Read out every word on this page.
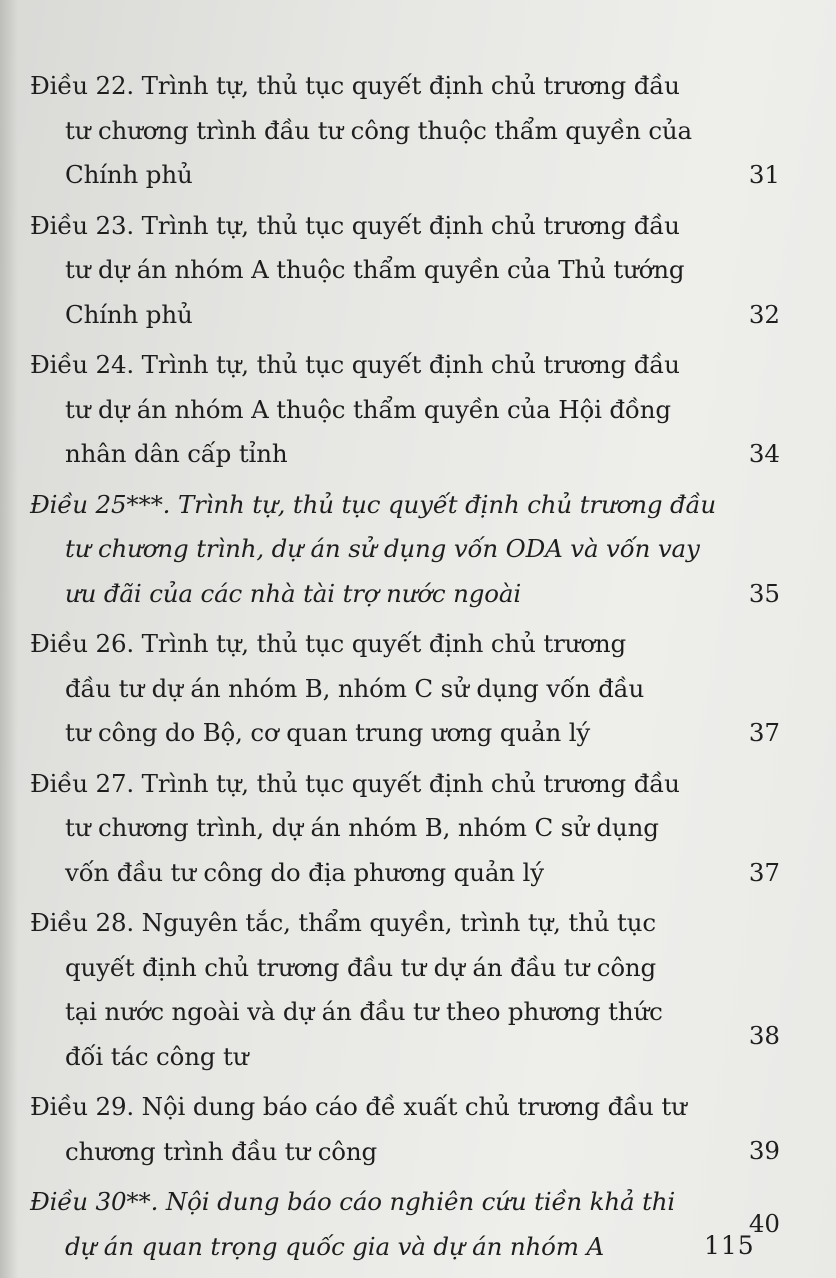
Điều 22. Trình tự, thủ tục quyết định chủ trương đầu
tư chương trình đầu tư công thuộc thẩm quyền của
Chính phủ	31
Điều 23. Trình tự, thủ tục quyết định chủ trương đầu
tư dự án nhóm A thuộc thẩm quyền của Thủ tướng
Chính phủ	32
Điều 24. Trình tự, thủ tục quyết định chủ trương đầu
tư dự án nhóm A thuộc thẩm quyền của Hội đồng
nhân dân cấp tỉnh	34
Điều 25***. Trình tự, thủ tục quyết định chủ trương đầu
tư chương trình, dự án sử dụng vốn ODA và vốn vay
ưu đãi của các nhà tài trợ nước ngoài	35
Điều 26. Trình tự, thủ tục quyết định chủ trương
đầu tư dự án nhóm B, nhóm C sử dụng vốn đầu
tư công do Bộ, cơ quan trung ương quản lý	37
Điều 27. Trình tự, thủ tục quyết định chủ trương đầu
tư chương trình, dự án nhóm B, nhóm C sử dụng
vốn đầu tư công do địa phương quản lý	37
Điều 28. Nguyên tắc, thẩm quyền, trình tự, thủ tục
quyết định chủ trương đầu tư dự án đầu tư công
tại nước ngoài và dự án đầu tư theo phương thức
đối tác công tư
38
Điều 29. Nội dung báo cáo đề xuất chủ trương đầu tư
chương trình đầu tư công	39
Điều 30**. Nội dung báo cáo nghiên cứu tiền khả thi
dự án quan trọng quốc gia và dự án nhóm A
40
115
